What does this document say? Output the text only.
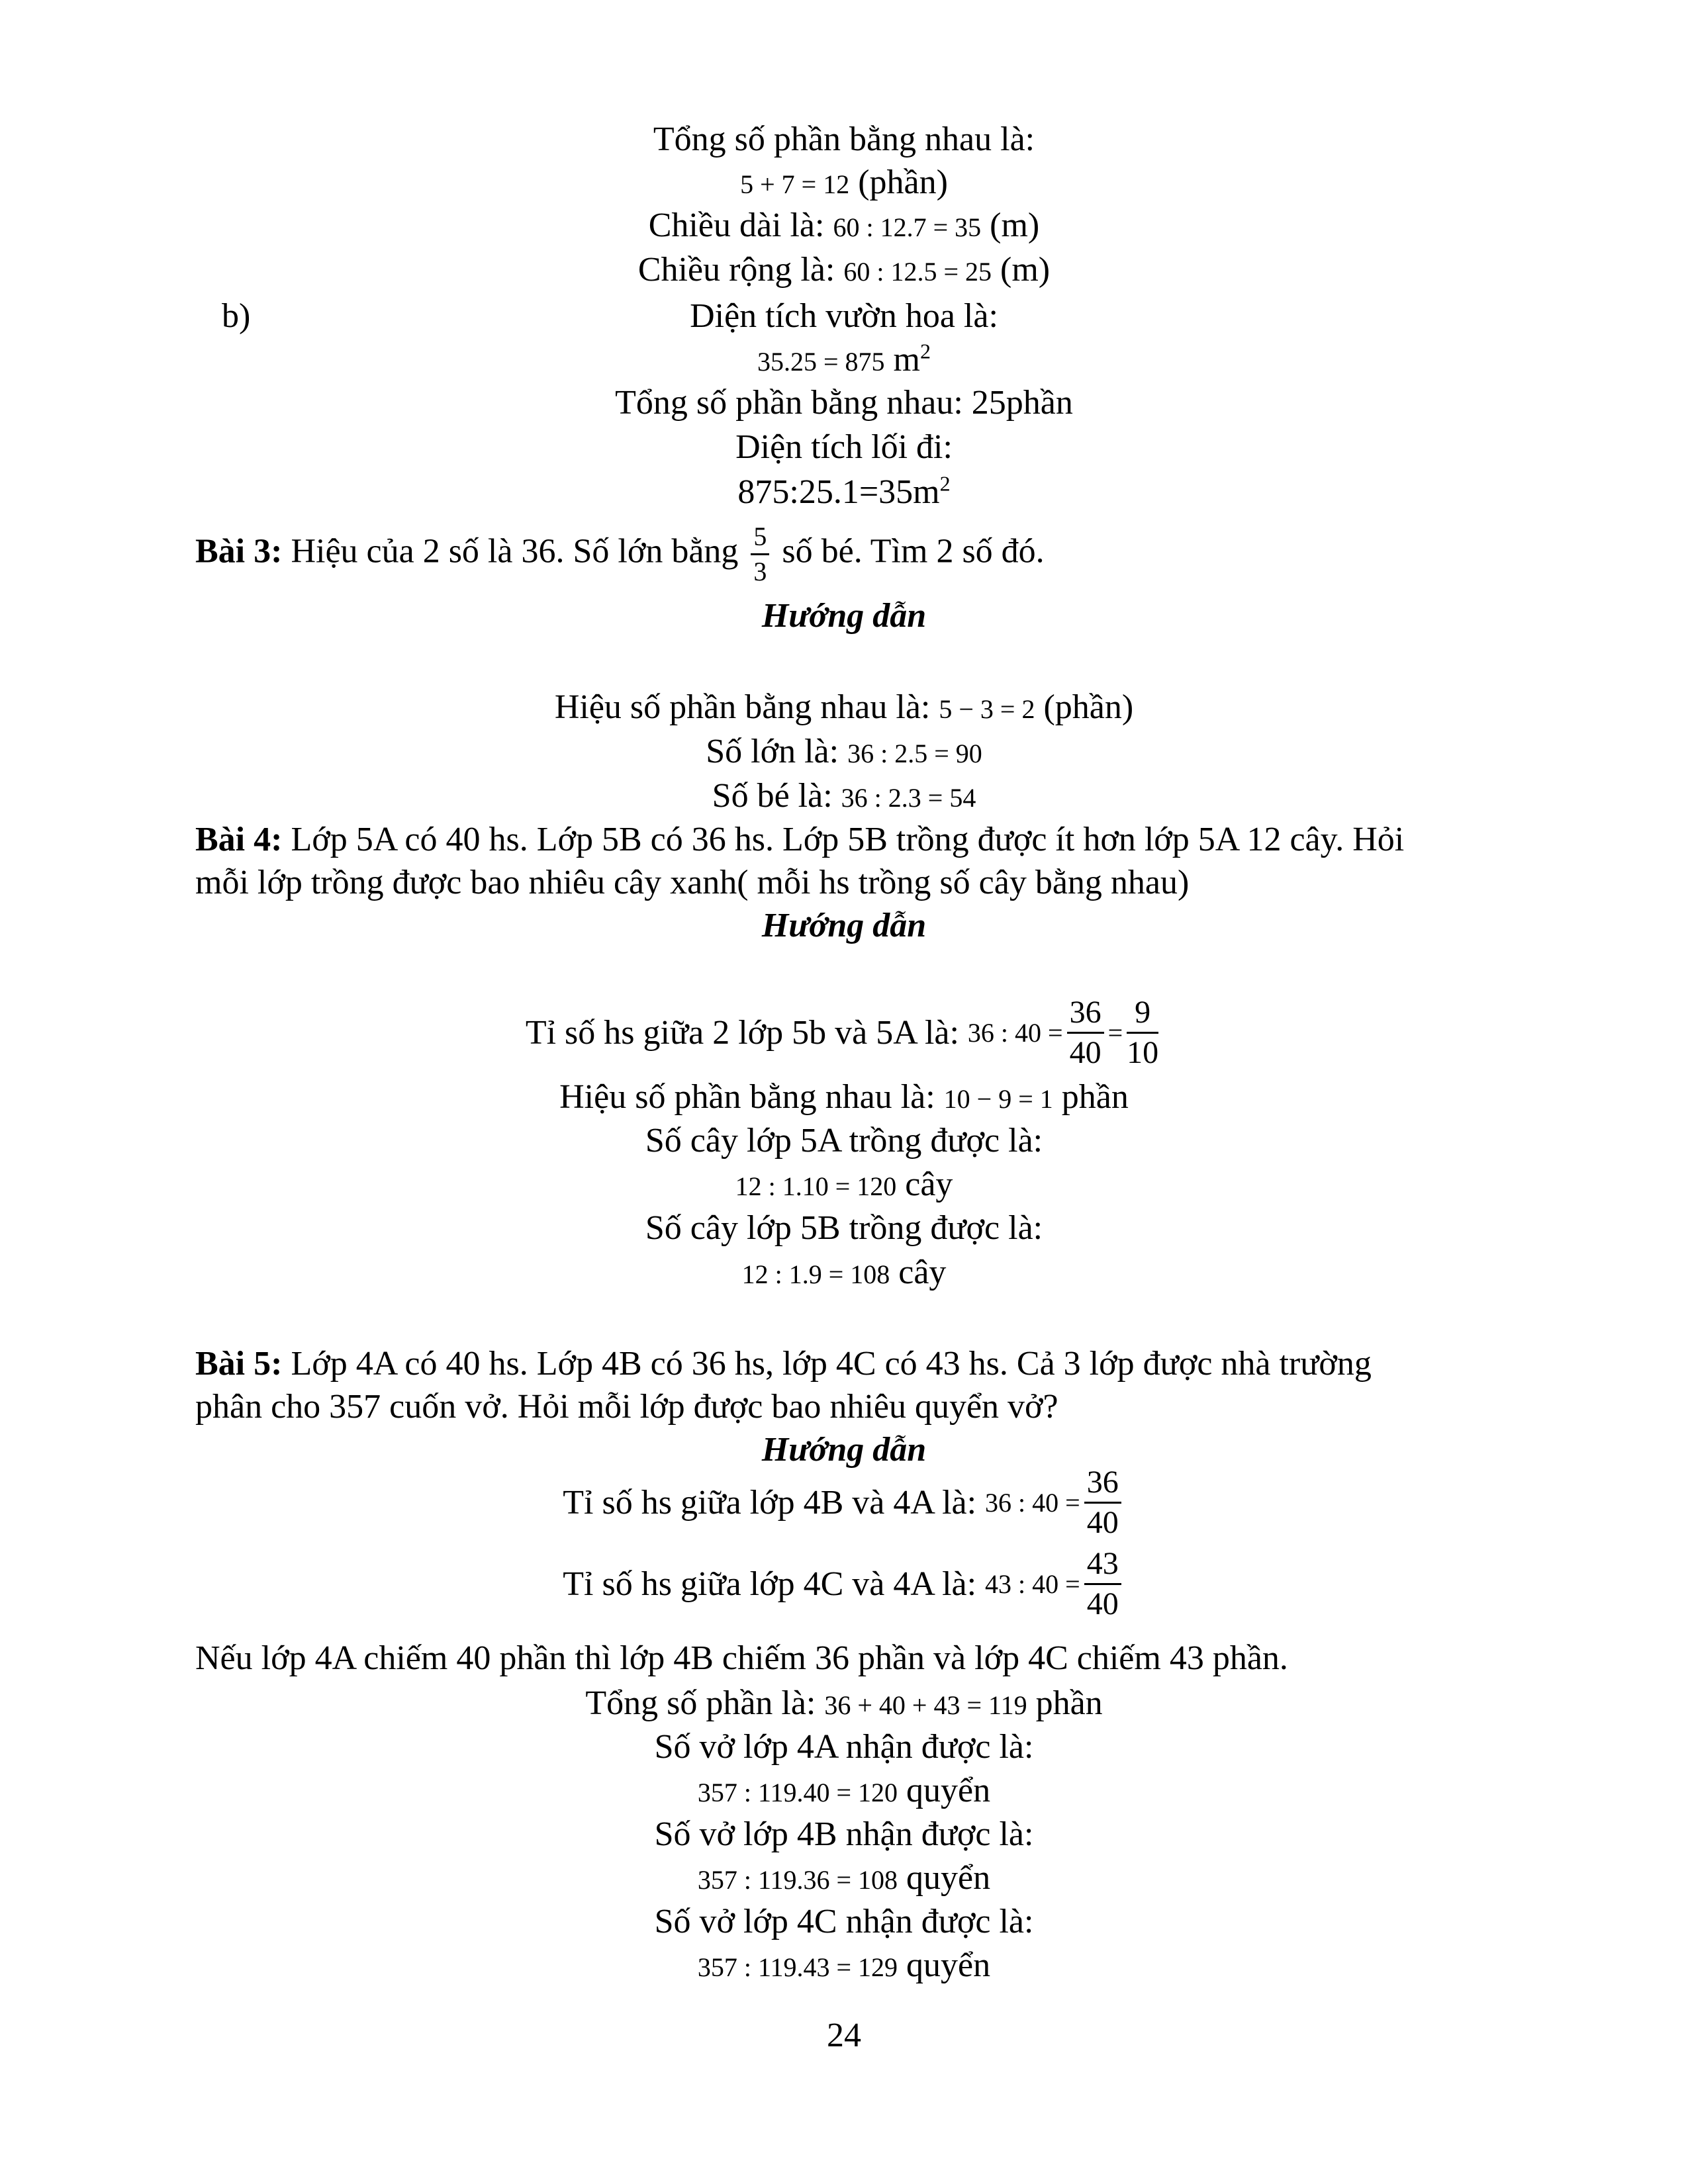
Tổng số phần bằng nhau là:
5 + 7 = 12 (phần)
Chiều dài là: 60 : 12.7 = 35 (m)
Chiều rộng là: 60 : 12.5 = 25 (m)
b)	Diện tích vườn hoa là:
35.25 = 875 $m^2$
Tổng số phần bằng nhau: 25phần
Diện tích lối đi:
$875:25.1=35m^2$
Bài 3: Hiệu của 2 số là 36. Số lớn bằng $\frac{5}{3}$ số bé. Tìm 2 số đó.
Hướng dẫn
Hiệu số phần bằng nhau là: 5 − 3 = 2 (phần)
Số lớn là: 36 : 2.5 = 90
Số bé là: 36 : 2.3 = 54
Bài 4: Lớp 5A có 40 hs. Lớp 5B có 36 hs. Lớp 5B trồng được ít hơn lớp 5A 12 cây. Hỏi
mỗi lớp trồng được bao nhiêu cây xanh( mỗi hs trồng số cây bằng nhau)
Hướng dẫn
Tỉ số hs giữa 2 lớp 5b và 5A là: 36 : $40 = \frac{36}{40} = \frac{9}{10}$
Hiệu số phần bằng nhau là: 10 − 9 = 1 phần
Số cây lớp 5A trồng được là:
12 : 1.10 = 120 cây
Số cây lớp 5B trồng được là:
12 : 1.9 = 108 cây
Bài 5: Lớp 4A có 40 hs. Lớp 4B có 36 hs, lớp 4C có 43 hs. Cả 3 lớp được nhà trường
phân cho 357 cuốn vở. Hỏi mỗi lớp được bao nhiêu quyển vở?
Hướng dẫn
Tỉ số hs giữa lớp 4B và 4A là: 36 : $40 = \frac{36}{40}$
Tỉ số hs giữa lớp 4C và 4A là: 43 : $40 = \frac{43}{40}$
Nếu lớp 4A chiếm 40 phần thì lớp 4B chiếm 36 phần và lớp 4C chiếm 43 phần.
Tổng số phần là: 36 + 40 + 43 = 119 phần
Số vở lớp 4A nhận được là:
357 : 119.40 = 120 quyển
Số vở lớp 4B nhận được là:
357 : 119.36 = 108 quyển
Số vở lớp 4C nhận được là:
357 : 119.43 = 129 quyển
24
